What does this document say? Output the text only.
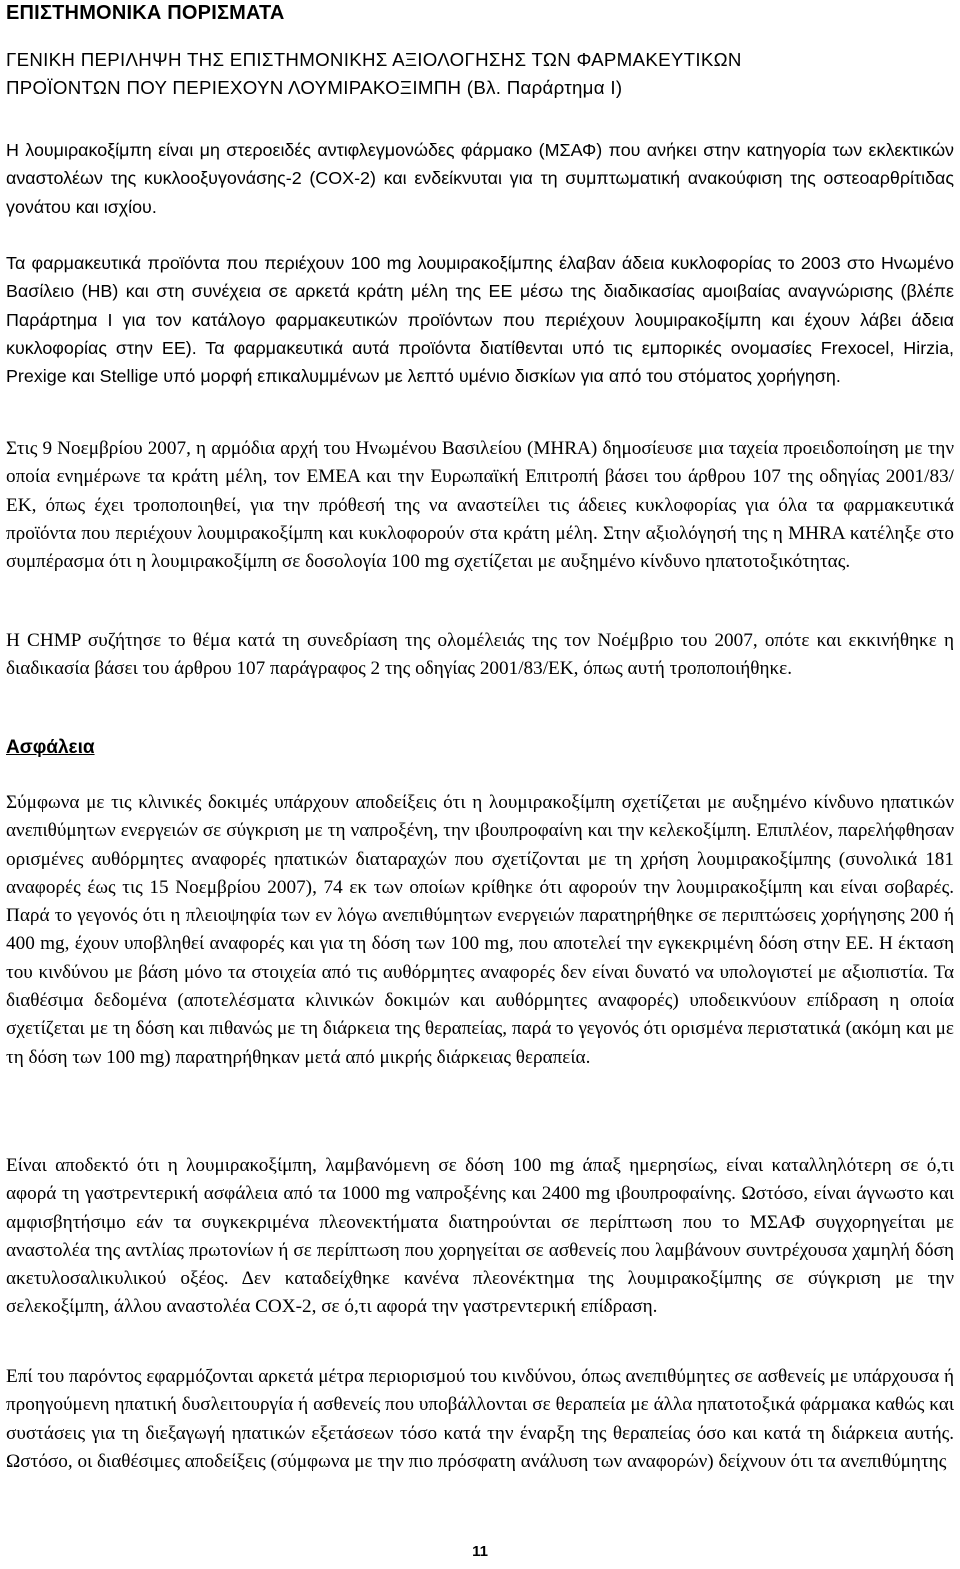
ΕΠΙΣΤΗΜΟΝΙΚΑ ΠΟΡΙΣΜΑΤΑ
ΓΕΝΙΚΗ ΠΕΡΙΛΗΨΗ ΤΗΣ ΕΠΙΣΤΗΜΟΝΙΚΗΣ ΑΞΙΟΛΟΓΗΣΗΣ ΤΩΝ ΦΑΡΜΑΚΕΥΤΙΚΩΝ
ΠΡΟΪΟΝΤΩΝ ΠΟΥ ΠΕΡΙΕΧΟΥΝ ΛΟΥΜΙΡΑΚΟΞΙΜΠΗ (Βλ. Παράρτημα Ι)

Η λουμιρακοξίμπη είναι μη στεροειδές αντιφλεγμονώδες φάρμακο (ΜΣΑΦ) που ανήκει στην κατηγορία των εκλεκτικών αναστολέων της κυκλοοξυγονάσης-2 (COX-2) και ενδείκνυται για τη συμπτωματική ανακούφιση της οστεοαρθρίτιδας γονάτου και ισχίου.

Τα φαρμακευτικά προϊόντα που περιέχουν 100 mg λουμιρακοξίμπης έλαβαν άδεια κυκλοφορίας το 2003 στο Ηνωμένο Βασίλειο (ΗΒ) και στη συνέχεια σε αρκετά κράτη μέλη της ΕΕ μέσω της διαδικασίας αμοιβαίας αναγνώρισης (βλέπε Παράρτημα Ι για τον κατάλογο φαρμακευτικών προϊόντων που περιέχουν λουμιρακοξίμπη και έχουν λάβει άδεια κυκλοφορίας στην ΕΕ). Τα φαρμακευτικά αυτά προϊόντα διατίθενται υπό τις εμπορικές ονομασίες Frexocel, Hirzia, Prexige και Stellige υπό μορφή επικαλυμμένων με λεπτό υμένιο δισκίων για από του στόματος χορήγηση.

Στις 9 Νοεμβρίου 2007, η αρμόδια αρχή του Ηνωμένου Βασιλείου (MHRA) δημοσίευσε μια ταχεία προειδοποίηση με την οποία ενημέρωνε τα κράτη μέλη, τον ΕΜΕΑ και την Ευρωπαϊκή Επιτροπή βάσει του άρθρου 107 της οδηγίας 2001/83/ΕΚ, όπως έχει τροποποιηθεί, για την πρόθεσή της να αναστείλει τις άδειες κυκλοφορίας για όλα τα φαρμακευτικά προϊόντα που περιέχουν λουμιρακοξίμπη και κυκλοφορούν στα κράτη μέλη. Στην αξιολόγησή της η MHRA κατέληξε στο συμπέρασμα ότι η λουμιρακοξίμπη σε δοσολογία 100 mg σχετίζεται με αυξημένο κίνδυνο ηπατοτοξικότητας.

Η CHMP συζήτησε το θέμα κατά τη συνεδρίαση της ολομέλειάς της τον Νοέμβριο του 2007, οπότε και εκκινήθηκε η διαδικασία βάσει του άρθρου 107 παράγραφος 2 της οδηγίας 2001/83/ΕΚ, όπως αυτή τροποποιήθηκε.

Ασφάλεια

Σύμφωνα με τις κλινικές δοκιμές υπάρχουν αποδείξεις ότι η λουμιρακοξίμπη σχετίζεται με αυξημένο κίνδυνο ηπατικών ανεπιθύμητων ενεργειών σε σύγκριση με τη ναπροξένη, την ιβουπροφαίνη και την κελεκοξίμπη. Επιπλέον, παρελήφθησαν ορισμένες αυθόρμητες αναφορές ηπατικών διαταραχών που σχετίζονται με τη χρήση λουμιρακοξίμπης (συνολικά 181 αναφορές έως τις 15 Νοεμβρίου 2007), 74 εκ των οποίων κρίθηκε ότι αφορούν την λουμιρακοξίμπη και είναι σοβαρές. Παρά το γεγονός ότι η πλειοψηφία των εν λόγω ανεπιθύμητων ενεργειών παρατηρήθηκε σε περιπτώσεις χορήγησης 200 ή 400 mg, έχουν υποβληθεί αναφορές και για τη δόση των 100 mg, που αποτελεί την εγκεκριμένη δόση στην ΕΕ. Η έκταση του κινδύνου με βάση μόνο τα στοιχεία από τις αυθόρμητες αναφορές δεν είναι δυνατό να υπολογιστεί με αξιοπιστία. Τα διαθέσιμα δεδομένα (αποτελέσματα κλινικών δοκιμών και αυθόρμητες αναφορές) υποδεικνύουν επίδραση η οποία σχετίζεται με τη δόση και πιθανώς με τη διάρκεια της θεραπείας, παρά το γεγονός ότι ορισμένα περιστατικά (ακόμη και με τη δόση των 100 mg) παρατηρήθηκαν μετά από μικρής διάρκειας θεραπεία.

Είναι αποδεκτό ότι η λουμιρακοξίμπη, λαμβανόμενη σε δόση 100 mg άπαξ ημερησίως, είναι καταλληλότερη σε ό,τι αφορά τη γαστρεντερική ασφάλεια από τα 1000 mg ναπροξένης και 2400 mg ιβουπροφαίνης. Ωστόσο, είναι άγνωστο και αμφισβητήσιμο εάν τα συγκεκριμένα πλεονεκτήματα διατηρούνται σε περίπτωση που το ΜΣΑΦ συγχορηγείται με αναστολέα της αντλίας πρωτονίων ή σε περίπτωση που χορηγείται σε ασθενείς που λαμβάνουν συντρέχουσα χαμηλή δόση ακετυλοσαλικυλικού οξέος. Δεν καταδείχθηκε κανένα πλεονέκτημα της λουμιρακοξίμπης σε σύγκριση με την σελεκοξίμπη, άλλου αναστολέα COX-2, σε ό,τι αφορά την γαστρεντερική επίδραση.

Επί του παρόντος εφαρμόζονται αρκετά μέτρα περιορισμού του κινδύνου, όπως ανεπιθύμητες σε ασθενείς με υπάρχουσα ή προηγούμενη ηπατική δυσλειτουργία ή ασθενείς που υποβάλλονται σε θεραπεία με άλλα ηπατοτοξικά φάρμακα καθώς και συστάσεις για τη διεξαγωγή ηπατικών εξετάσεων τόσο κατά την έναρξη της θεραπείας όσο και κατά τη διάρκεια αυτής. Ωστόσο, οι διαθέσιμες αποδείξεις (σύμφωνα με την πιο πρόσφατη ανάλυση των αναφορών) δείχνουν ότι τα ανεπιθύμητης

11
